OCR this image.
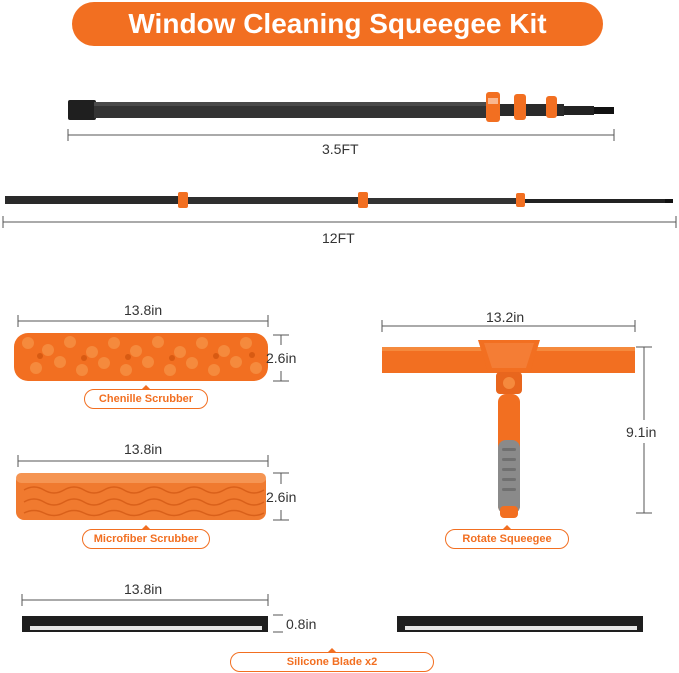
Window Cleaning Squeegee Kit
3.5FT
12FT
13.8in
2.6in
13.8in
2.6in
13.2in
9.1in
13.8in
0.8in
Chenille Scrubber
Microfiber Scrubber	Rotate Squeegee
Silicone Blade x2
